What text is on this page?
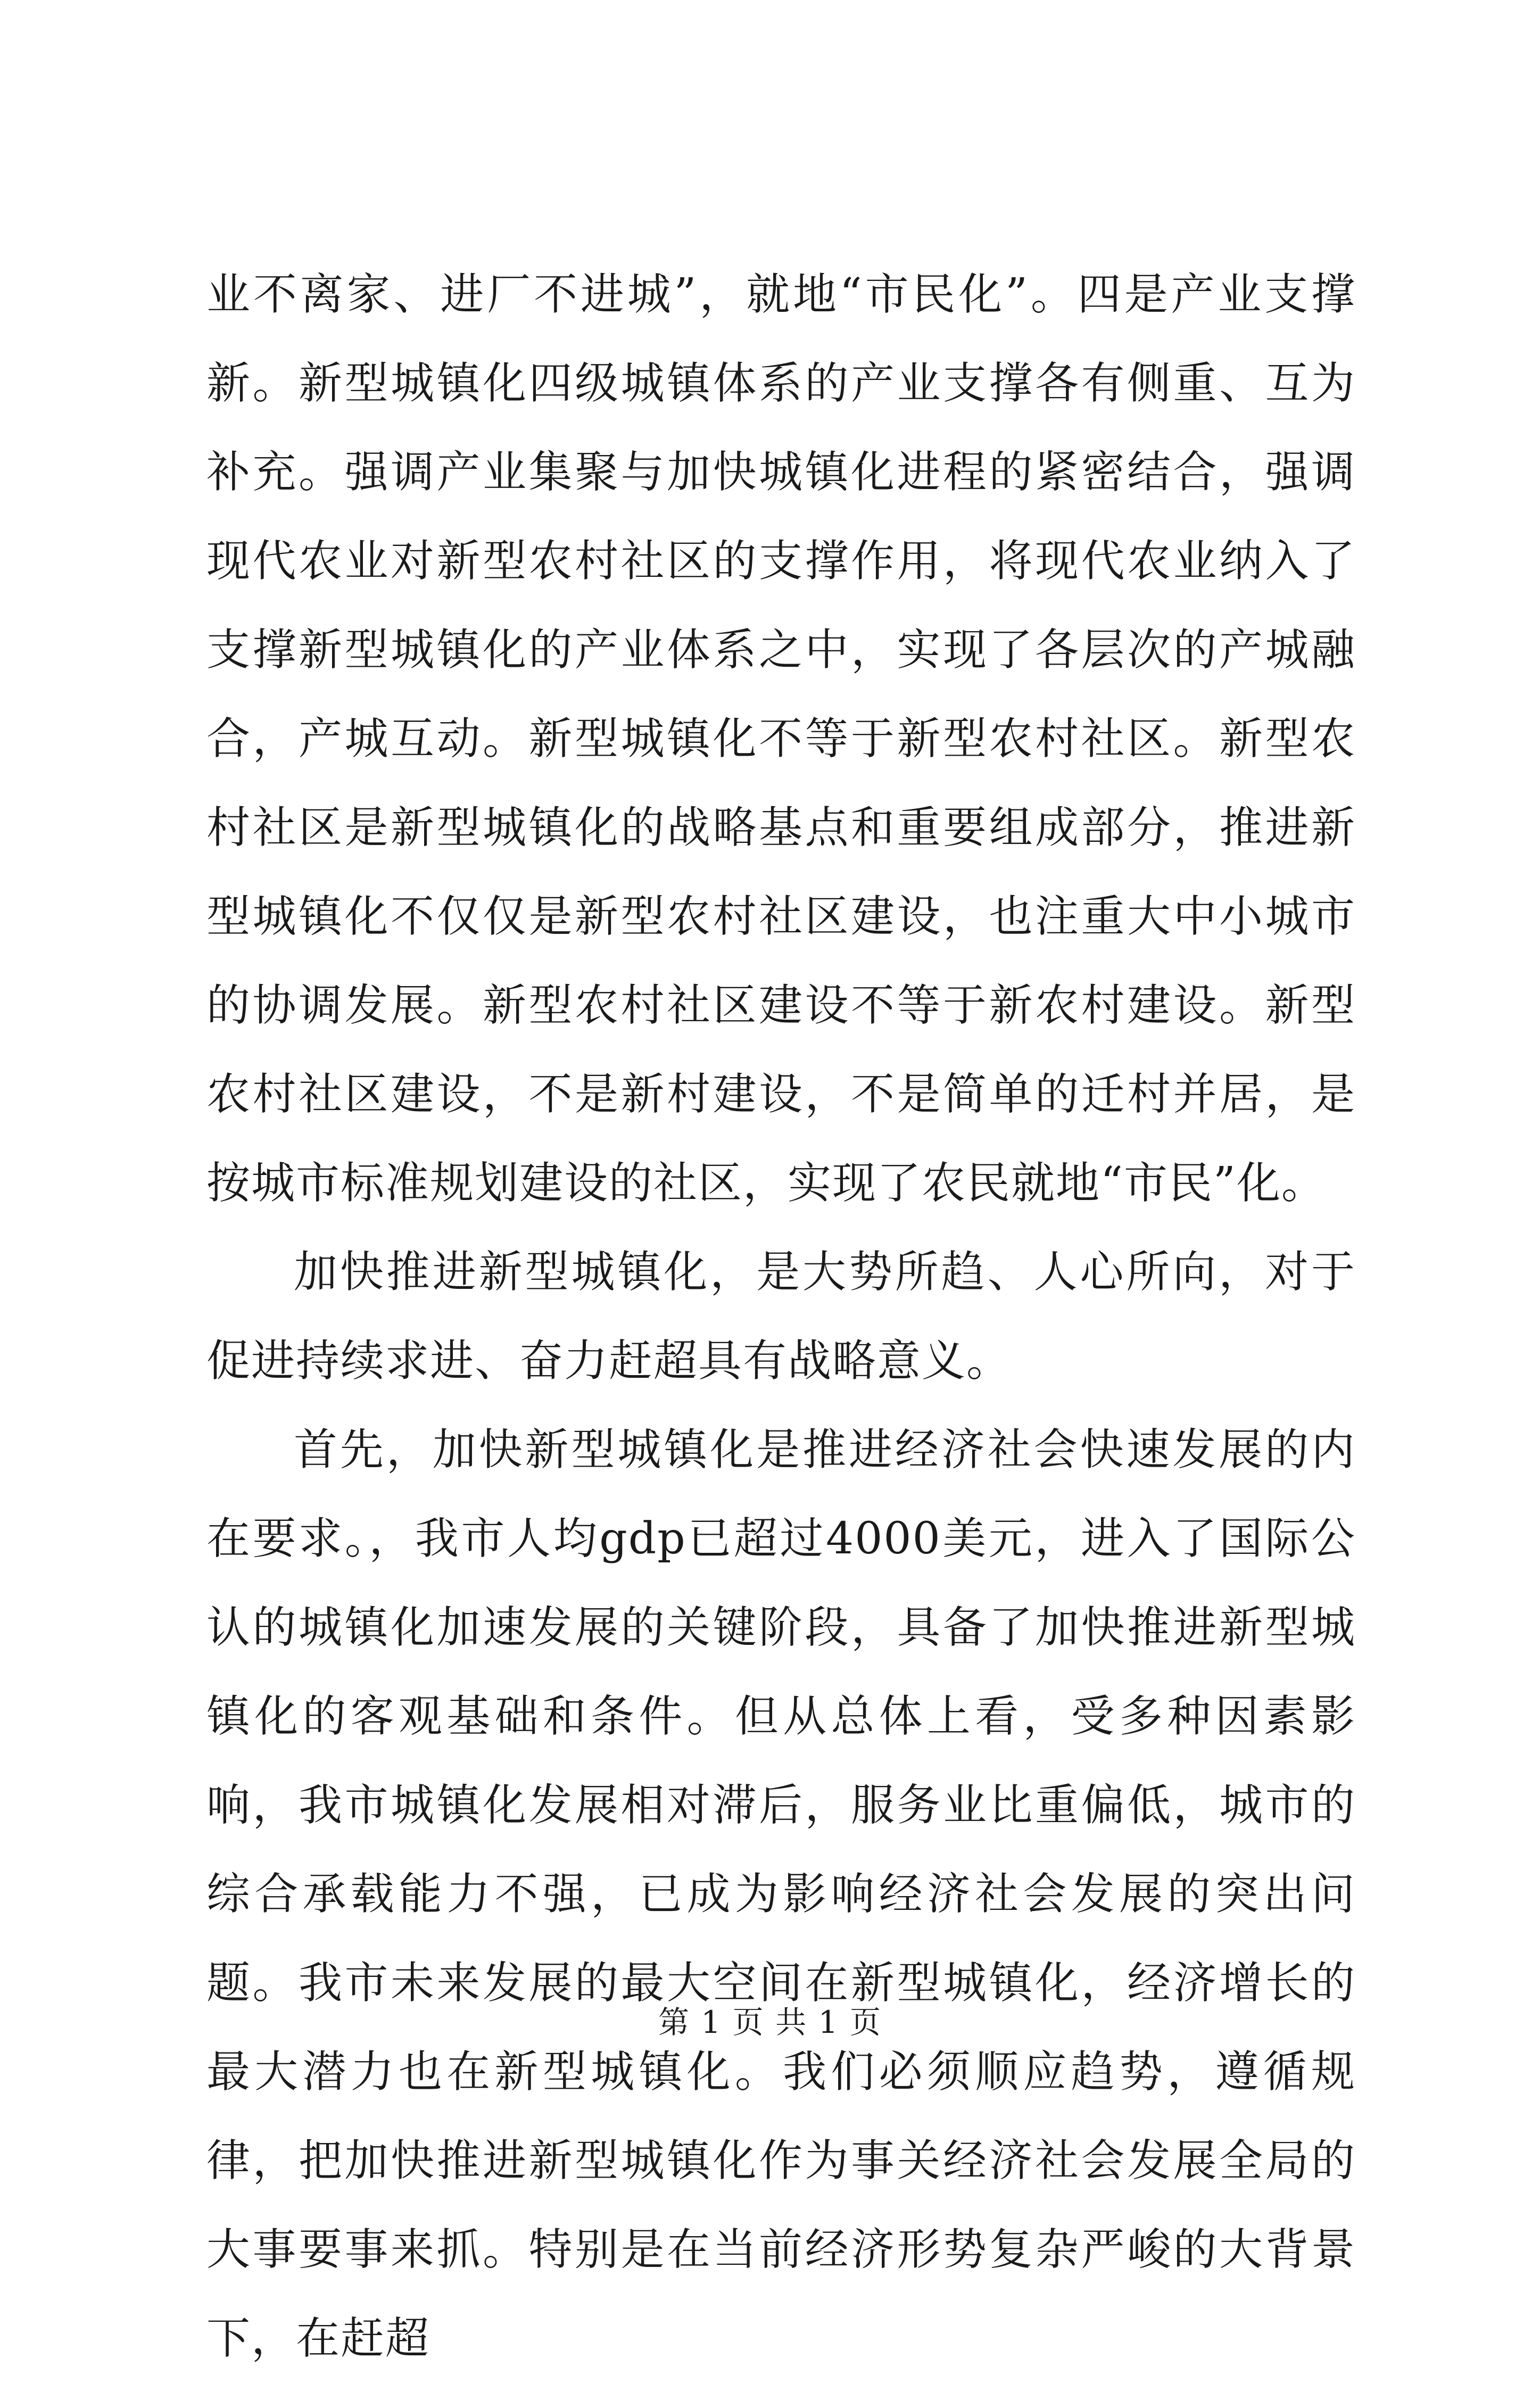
业不离家、进厂不进城”，就地“市民化”。四是产业支撑新。新型城镇化四级城镇体系的产业支撑各有侧重、互为补充。强调产业集聚与加快城镇化进程的紧密结合，强调现代农业对新型农村社区的支撑作用，将现代农业纳入了支撑新型城镇化的产业体系之中，实现了各层次的产城融合，产城互动。新型城镇化不等于新型农村社区。新型农村社区是新型城镇化的战略基点和重要组成部分，推进新型城镇化不仅仅是新型农村社区建设，也注重大中小城市的协调发展。新型农村社区建设不等于新农村建设。新型农村社区建设，不是新村建设，不是简单的迁村并居，是按城市标准规划建设的社区，实现了农民就地“市民”化。

加快推进新型城镇化，是大势所趋、人心所向，对于促进持续求进、奋力赶超具有战略意义。

首先，加快新型城镇化是推进经济社会快速发展的内在要求。，我市人均gdp已超过4000美元，进入了国际公认的城镇化加速发展的关键阶段，具备了加快推进新型城镇化的客观基础和条件。但从总体上看，受多种因素影响，我市城镇化发展相对滞后，服务业比重偏低，城市的综合承载能力不强，已成为影响经济社会发展的突出问题。我市未来发展的最大空间在新型城镇化，经济增长的最大潜力也在新型城镇化。我们必须顺应趋势，遵循规律，把加快推进新型城镇化作为事关经济社会发展全局的大事要事来抓。特别是在当前经济形势复杂严峻的大背景下，在赶超

第 1 页 共 1 页
